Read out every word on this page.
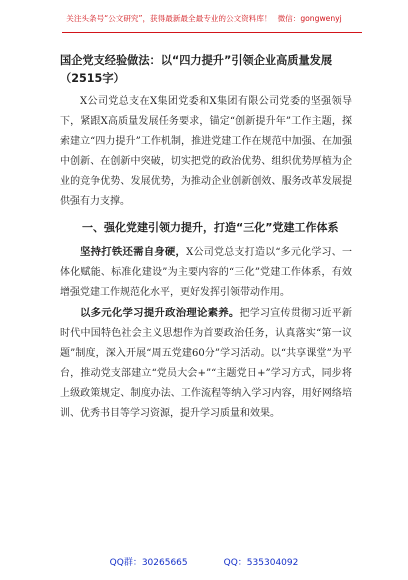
关注头条号“公文研究”，获得最新最全最专业的公文资料库！ 微信：gongwenyj

国企党支经验做法：以“四力提升”引领企业高质量发展（2515字）

X公司党总支在X集团党委和X集团有限公司党委的坚强领导下，紧跟X高质量发展任务要求，锚定“创新提升年”工作主题，探索建立“四力提升”工作机制，推进党建工作在规范中加强、在加强中创新、在创新中突破，切实把党的政治优势、组织优势厚植为企业的竞争优势、发展优势，为推动企业创新创效、服务改革发展提供强有力支撑。

一、强化党建引领力提升，打造“三化”党建工作体系

坚持打铁还需自身硬，X公司党总支打造以“多元化学习、一体化赋能、标准化建设”为主要内容的“三化”党建工作体系，有效增强党建工作规范化水平，更好发挥引领带动作用。

以多元化学习提升政治理论素养。把学习宣传贯彻习近平新时代中国特色社会主义思想作为首要政治任务，认真落实“第一议题”制度，深入开展“周五党建60分”学习活动。以“共享课堂”为平台，推动党支部建立“党员大会+”“主题党日+”学习方式，同步将上级政策规定、制度办法、工作流程等纳入学习内容，用好网络培训、优秀书目等学习资源，提升学习质量和效果。

QQ群：30265665	QQ：535304092
